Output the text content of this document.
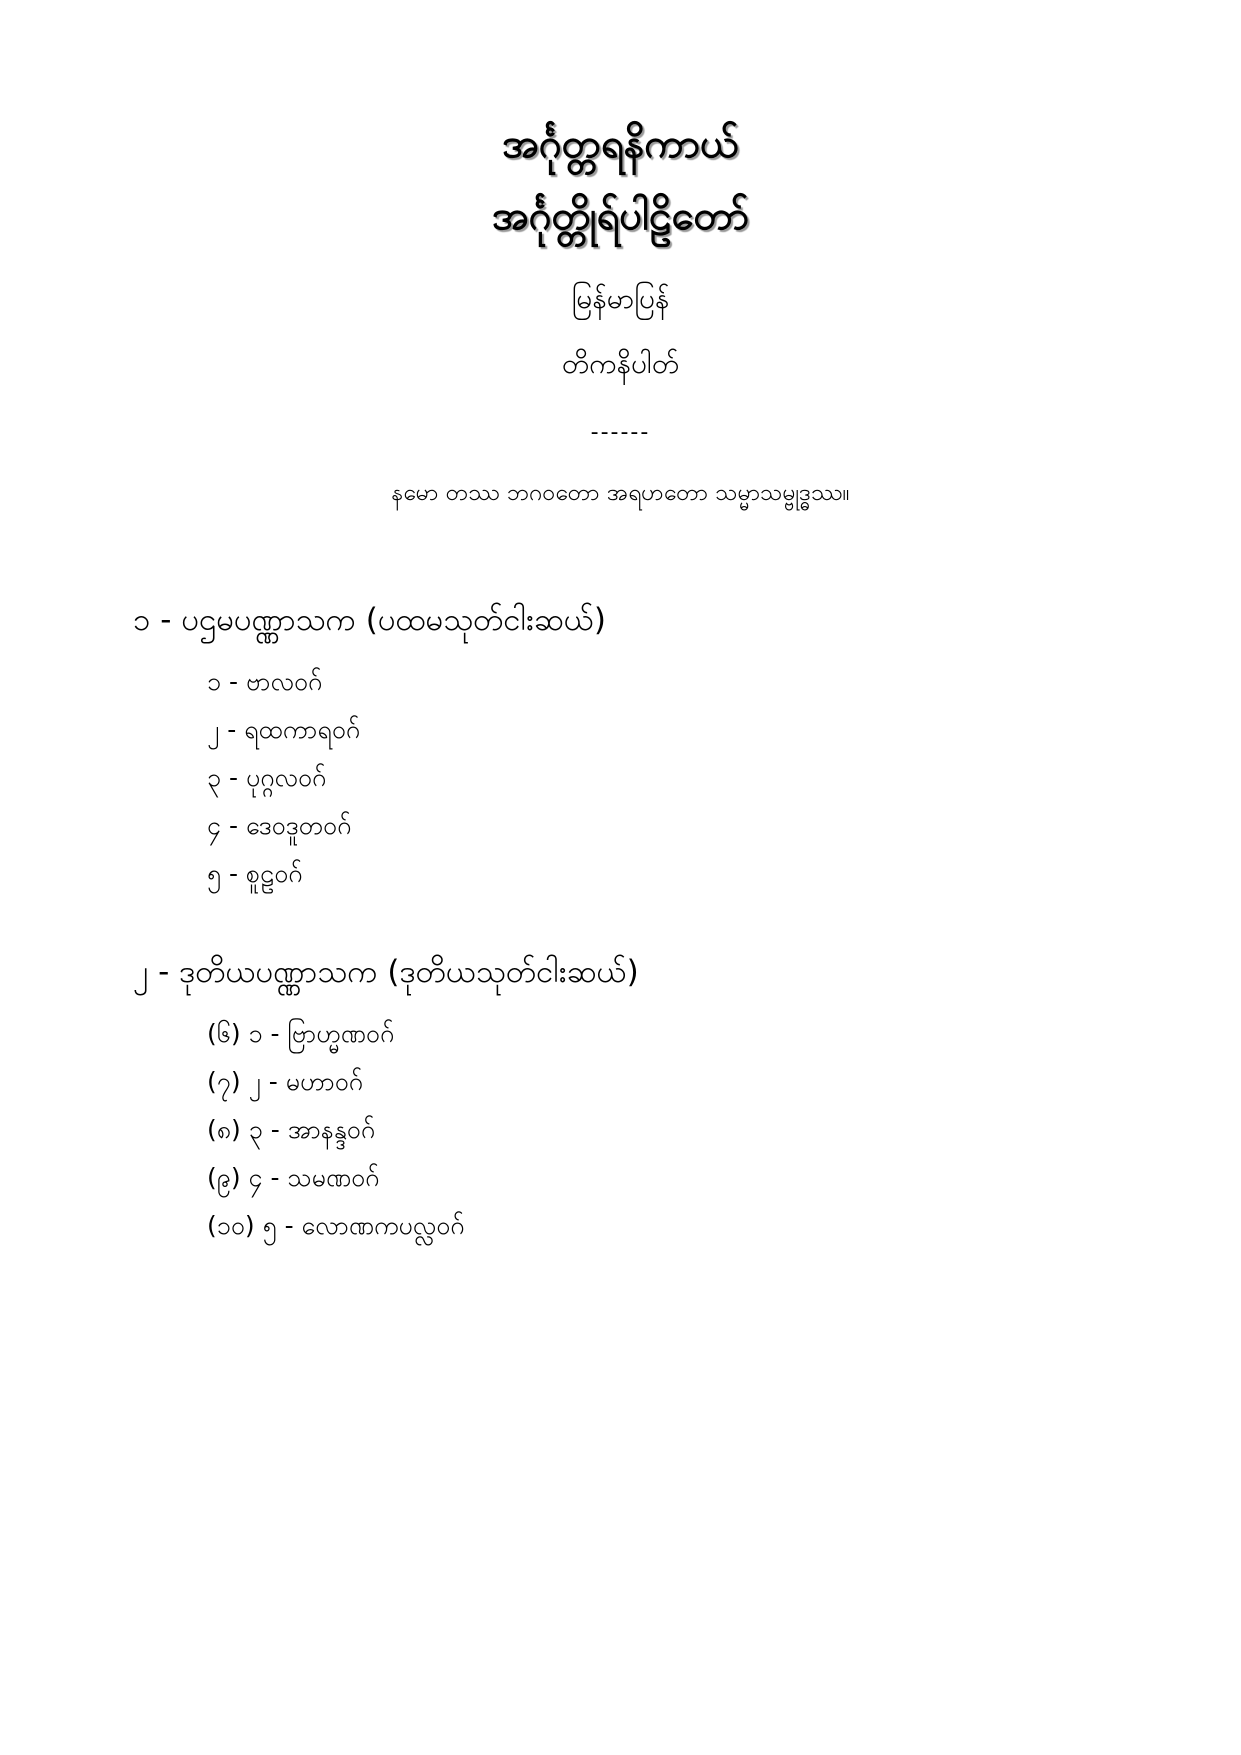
အင်္ဂုတ္တရနိကာယ်
အင်္ဂုတ္တိုရ်ပါဠိတော်
မြန်မာပြန်
တိကနိပါတ်
------
နမော တဿ ဘဂဝတော အရဟတော သမ္မာသမ္ဗုဒ္ဓဿ။
၁ - ပဌမပဏ္ဏာသက (ပထမသုတ်ငါးဆယ်)
၁ - ဗာလဝဂ်
၂ - ရထကာရဝဂ်
၃ - ပုဂ္ဂလဝဂ်
၄ - ဒေဝဒူတဝဂ်
၅ - စူဠဝဂ်
၂ - ဒုတိယပဏ္ဏာသက (ဒုတိယသုတ်ငါးဆယ်)
(၆) ၁ - ဗြာဟ္မဏဝဂ်
(၇) ၂ - မဟာဝဂ်
(၈) ၃ - အာနန္ဒဝဂ်
(၉) ၄ - သမဏဝဂ်
(၁၀) ၅ - လောဏကပလ္လဝဂ်
